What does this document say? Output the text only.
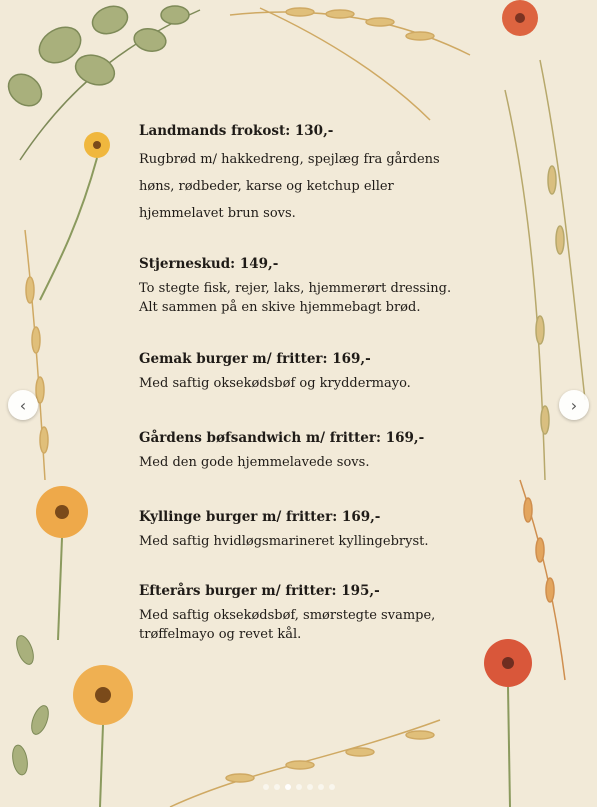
Landmands frokost: 130,-

Rugbrød m/ hakkedreng, spejlæg fra gårdens

høns, rødbeder, karse og ketchup eller

hjemmelavet brun sovs.

Stjerneskud: 149,-

To stegte fisk, rejer, laks, hjemmerørt dressing.

Alt sammen på en skive hjemmebagt brød.

Gemak burger m/ fritter: 169,-

Med saftig oksekødsbøf og kryddermayo.

Gårdens bøfsandwich m/ fritter: 169,-

Med den gode hjemmelavede sovs.

Kyllinge burger m/ fritter: 169,-

Med saftig hvidløgsmarineret kyllingebryst.

Efterårs burger m/ fritter: 195,-

Med saftig oksekødsbøf, smørstegte svampe,

trøffelmayo og revet kål.

‹	›
